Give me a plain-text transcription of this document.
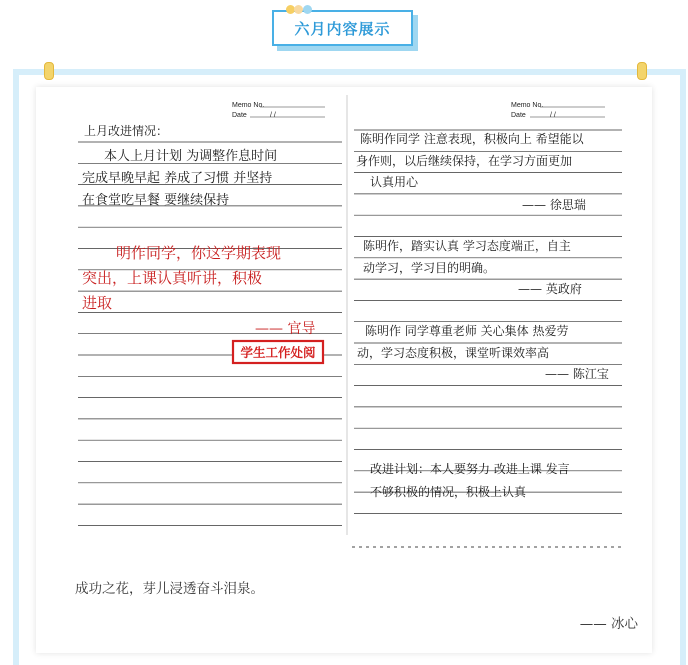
六月内容展示
Memo No.
Date	/ /
上月改进情况：
本人上月计划 为调整作息时间
完成早晚早起 养成了习惯 并坚持
在食堂吃早餐 要继续保持
明作同学，你这学期表现
突出，上课认真听讲，积极
进取
—— 官导
学生工作处阅
Memo No.
Date	/ /
陈明作同学 注意表现，积极向上 希望能以
身作则，以后继续保持，在学习方面更加
认真用心
—— 徐思瑞
陈明作，踏实认真 学习态度端正，自主
动学习，学习目的明确。
—— 英政府
陈明作 同学尊重老师 关心集体 热爱劳
动，学习态度积极，课堂听课效率高
—— 陈江宝
改进计划：本人要努力 改进上课 发言
不够积极的情况，积极上认真
成功之花，芽儿浸透奋斗泪泉。
—— 冰心
